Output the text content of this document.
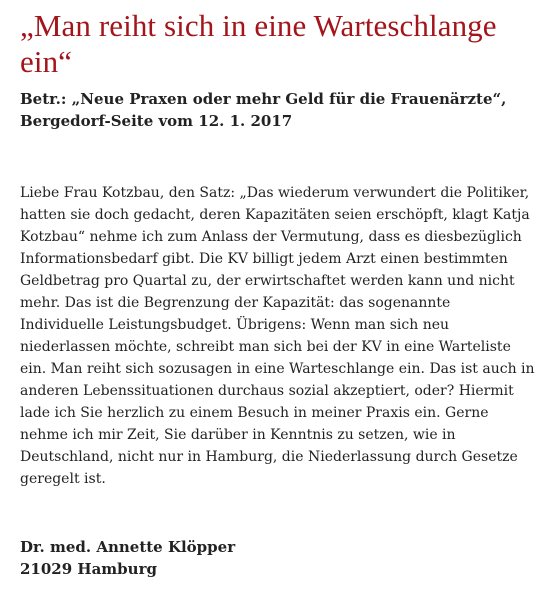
„Man reiht sich in eine Warteschlange ein“
Betr.: „Neue Praxen oder mehr Geld für die Frauenärzte“,
Bergedorf-Seite vom 12. 1. 2017

Liebe Frau Kotzbau, den Satz: „Das wiederum verwundert die Politiker, hatten sie doch gedacht, deren Kapazitäten seien erschöpft, klagt Katja Kotzbau“ nehme ich zum Anlass der Vermutung, dass es diesbezüglich Informationsbedarf gibt. Die KV billigt jedem Arzt einen bestimmten Geldbetrag pro Quartal zu, der erwirtschaftet werden kann und nicht mehr. Das ist die Begrenzung der Kapazität: das sogenannte Individuelle Leistungsbudget. Übrigens: Wenn man sich neu niederlassen möchte, schreibt man sich bei der KV in eine Warteliste ein. Man reiht sich sozusagen in eine Warteschlange ein. Das ist auch in anderen Lebenssituationen durchaus sozial akzeptiert, oder? Hiermit lade ich Sie herzlich zu einem Besuch in meiner Praxis ein. Gerne nehme ich mir Zeit, Sie darüber in Kenntnis zu setzen, wie in Deutschland, nicht nur in Hamburg, die Niederlassung durch Gesetze geregelt ist.

Dr. med. Annette Klöpper
21029 Hamburg
